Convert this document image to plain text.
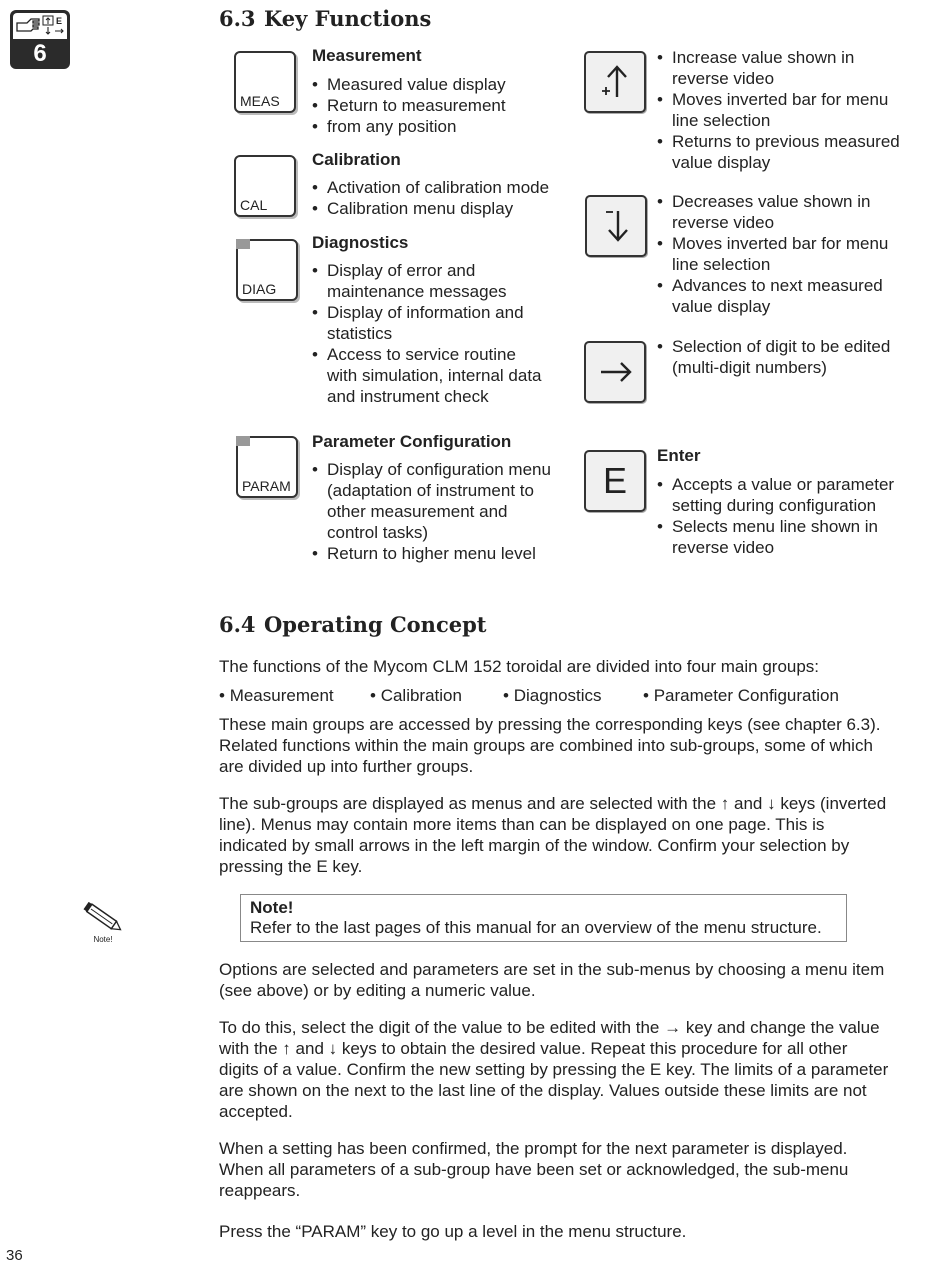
E
6
6.3 Key Functions
MEAS
Measurement
• Measured value display
• Return to measurement
• from any position
CAL
Calibration
• Activation of calibration mode
• Calibration menu display
DIAG
Diagnostics
• Display of error and
maintenance messages
• Display of information and
statistics
• Access to service routine
with simulation, internal data
and instrument check
PARAM
Parameter Configuration
• Display of configuration menu
(adaptation of instrument to
other measurement and
control tasks)
• Return to higher menu level
• Increase value shown in
reverse video
• Moves inverted bar for menu
line selection
• Returns to previous measured
value display
• Decreases value shown in
reverse video
• Moves inverted bar for menu
line selection
• Advances to next measured
value display
• Selection of digit to be edited
(multi-digit numbers)
E
Enter
• Accepts a value or parameter
setting during configuration
• Selects menu line shown in
reverse video
6.4 Operating Concept

The functions of the Mycom CLM 152 toroidal are divided into four main groups:

• Measurement • Calibration • Diagnostics • Parameter Configuration
These main groups are accessed by pressing the corresponding keys (see chapter 6.3).
Related functions within the main groups are combined into sub-groups, some of which
are divided up into further groups.
The sub-groups are displayed as menus and are selected with the ↑ and ↓ keys (inverted
line). Menus may contain more items than can be displayed on one page. This is
indicated by small arrows in the left margin of the window. Confirm your selection by
pressing the E key.
Note!
Note!
Refer to the last pages of this manual for an overview of the menu structure.
Options are selected and parameters are set in the sub-menus by choosing a menu item
(see above) or by editing a numeric value.
To do this, select the digit of the value to be edited with the → key and change the value
with the ↑ and ↓ keys to obtain the desired value. Repeat this procedure for all other
digits of a value. Confirm the new setting by pressing the E key. The limits of a parameter
are shown on the next to the last line of the display. Values outside these limits are not
accepted.
When a setting has been confirmed, the prompt for the next parameter is displayed.
When all parameters of a sub-group have been set or acknowledged, the sub-menu
reappears.

Press the “PARAM” key to go up a level in the menu structure.

36
